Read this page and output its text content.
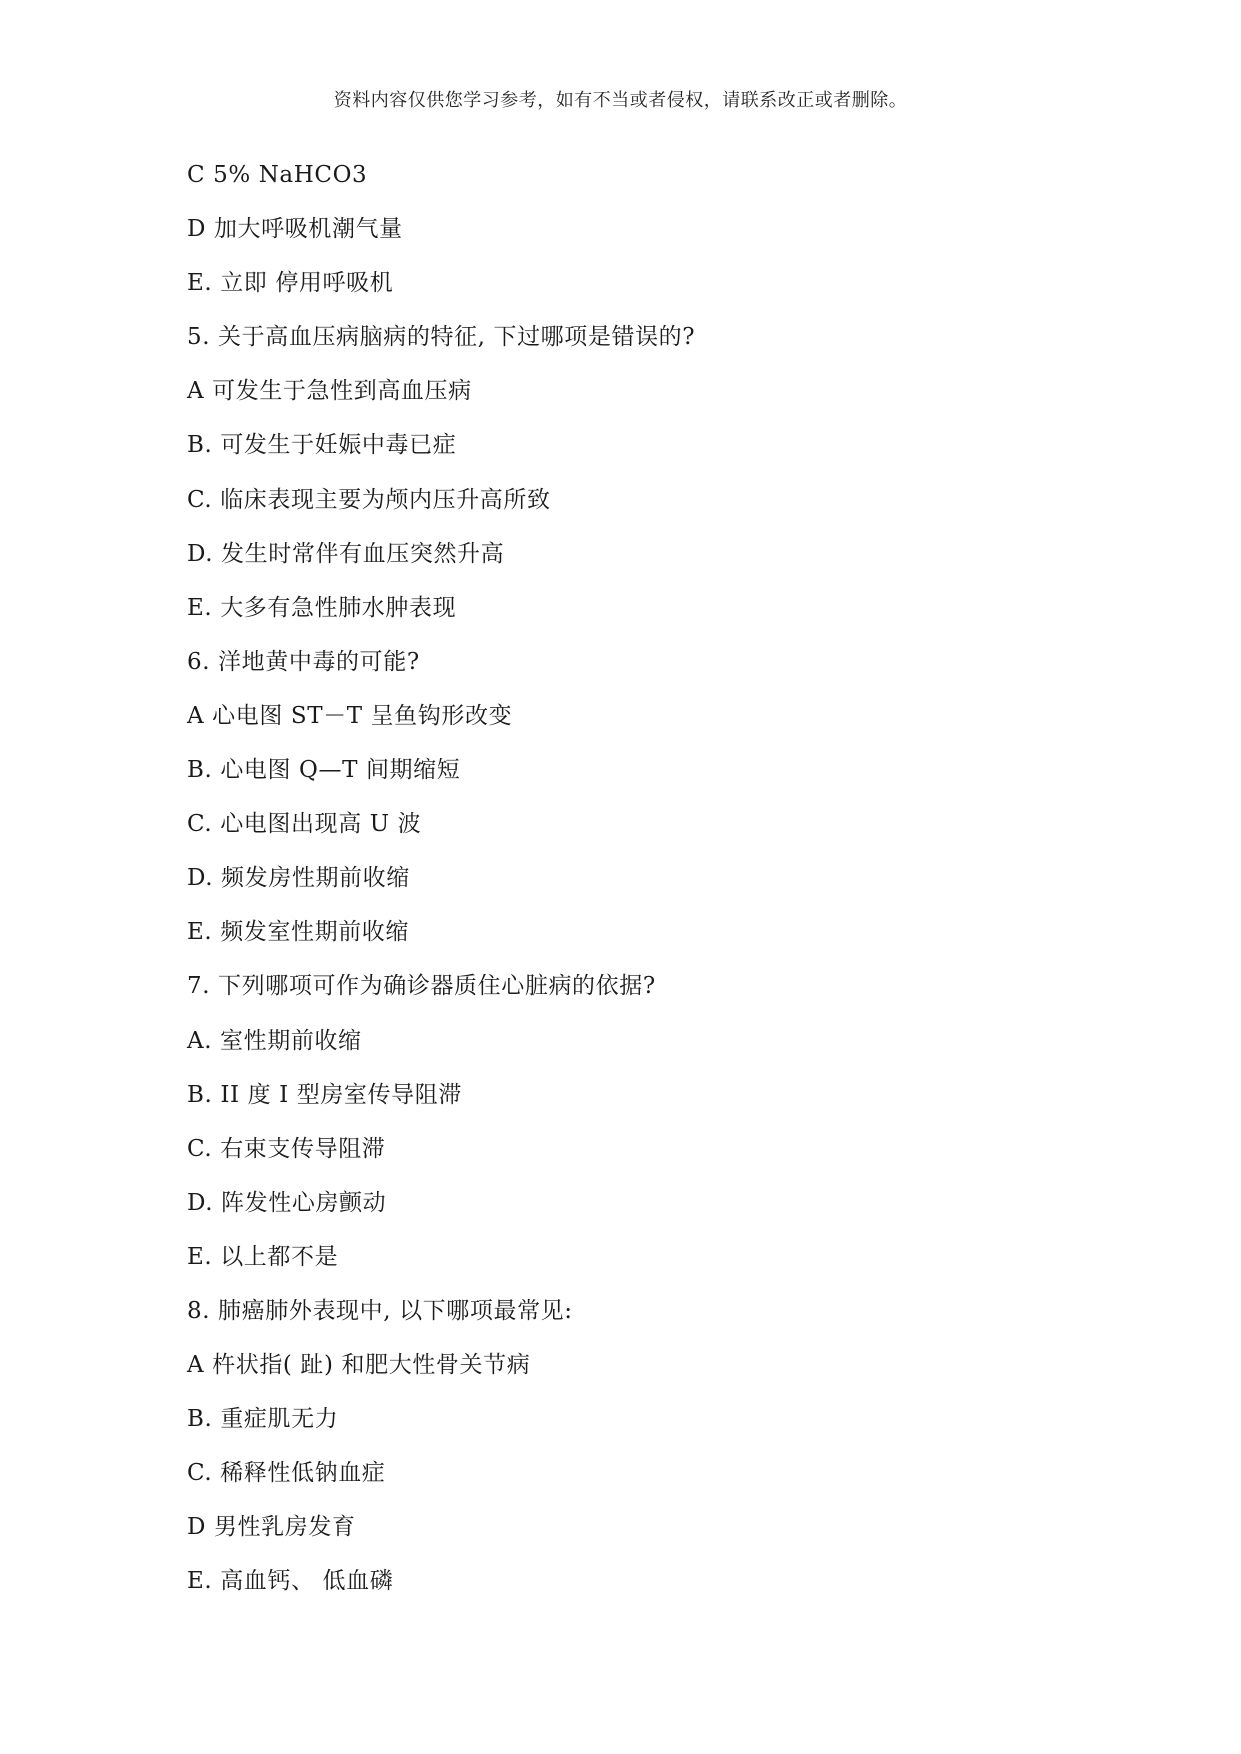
资料内容仅供您学习参考，如有不当或者侵权，请联系改正或者删除。
C 5% NaHCO3
D 加大呼吸机潮气量
E. 立即 停用呼吸机
5. 关于高血压病脑病的特征, 下过哪项是错误的?
A 可发生于急性到高血压病
B. 可发生于妊娠中毒已症
C. 临床表现主要为颅内压升高所致
D. 发生时常伴有血压突然升高
E. 大多有急性肺水肿表现
6. 洋地黄中毒的可能?
A 心电图 ST－T 呈鱼钩形改变
B. 心电图 Q—T 间期缩短
C. 心电图出现高 U 波
D. 频发房性期前收缩
E. 频发室性期前收缩
7. 下列哪项可作为确诊器质住心脏病的依据?
A. 室性期前收缩
B. II 度 I 型房室传导阻滞
C. 右束支传导阻滞
D. 阵发性心房颤动
E. 以上都不是
8. 肺癌肺外表现中, 以下哪项最常见:
A 杵状指( 趾) 和肥大性骨关节病
B. 重症肌无力
C. 稀释性低钠血症
D 男性乳房发育
E. 高血钙、 低血磷
